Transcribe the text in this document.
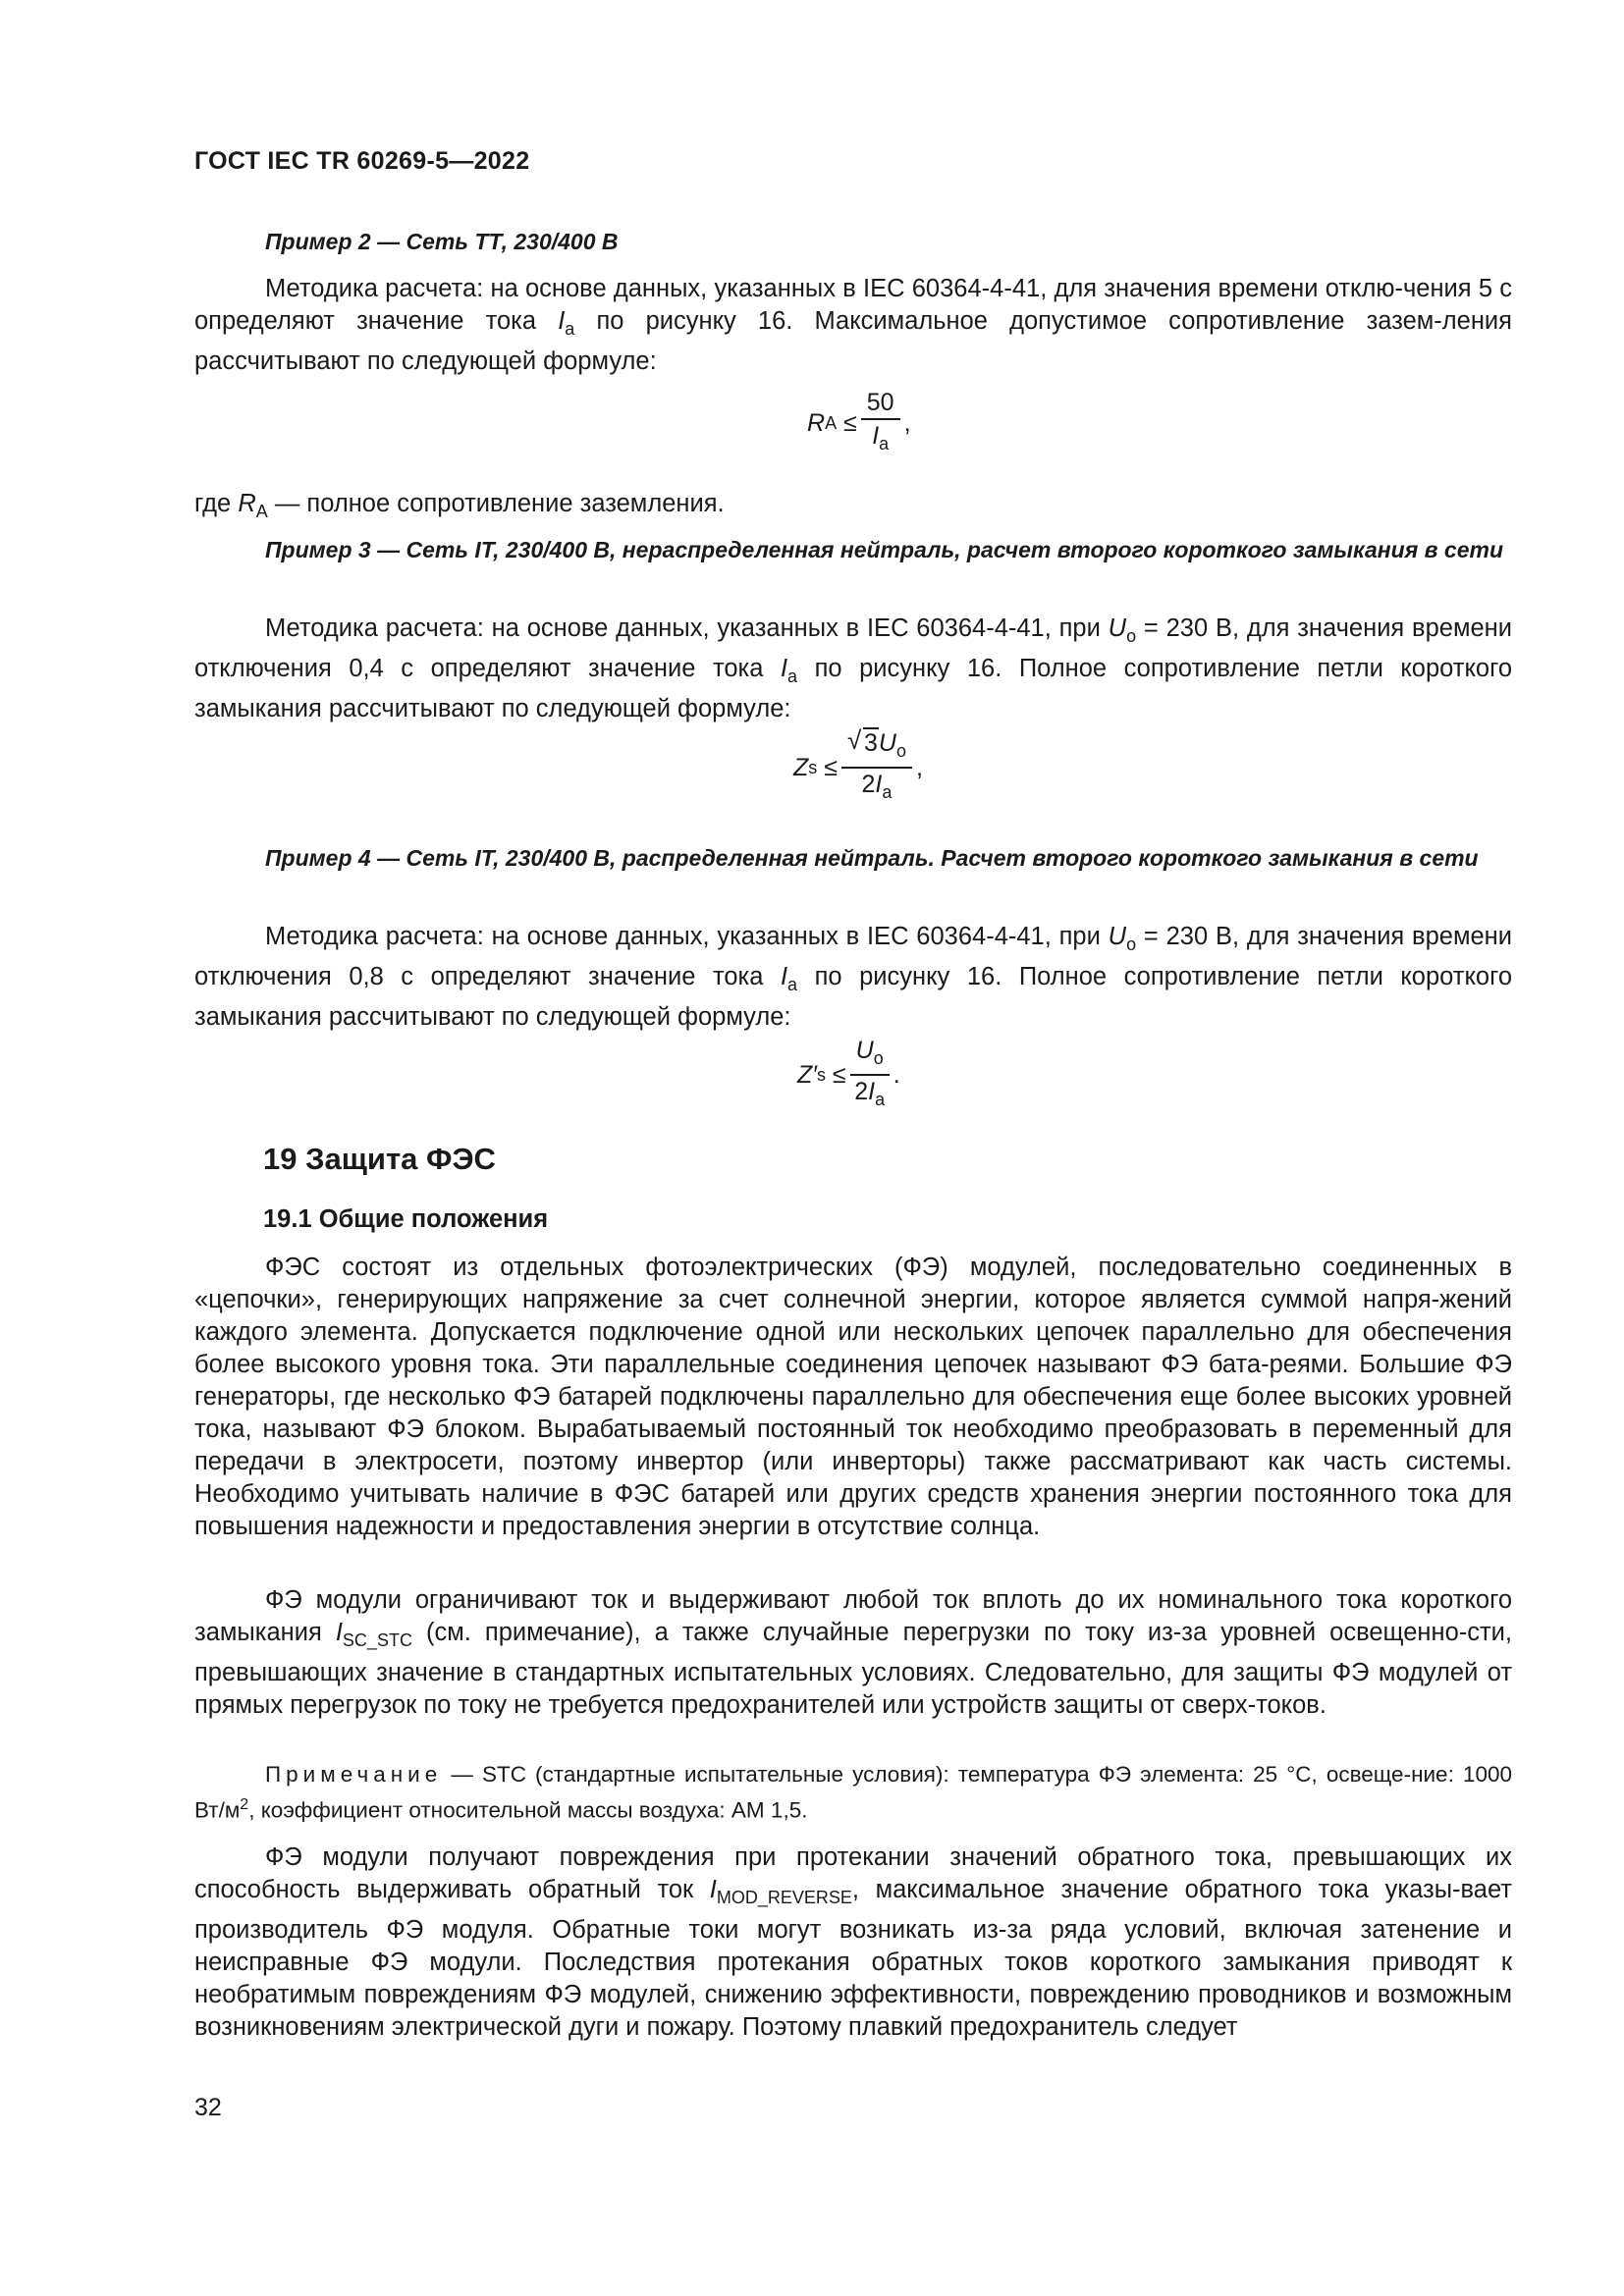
ГОСТ IEC TR 60269-5—2022

Пример 2 — Сеть ТТ, 230/400 В

Методика расчета: на основе данных, указанных в IEC 60364-4-41, для значения времени отклю-чения 5 с определяют значение тока $I_a$ по рисунку 16. Максимальное допустимое сопротивление зазем-ления рассчитывают по следующей формуле:

R A
≤ $\frac{50}{I_a}$ ,
где $R_A$ — полное сопротивление заземления.

Пример 3 — Сеть IT, 230/400 В, нераспределенная нейтраль, расчет второго короткого замыкания в сети

Методика расчета: на основе данных, указанных в IEC 60364-4-41, при $U_o = 230$ В, для значения времени отключения 0,4 с определяют значение тока $I_a$ по рисунку 16. Полное сопротивление петли короткого замыкания рассчитывают по следующей формуле:

Z s
≤
√ $\frac{3U_o}{2I_a}$ ,

Пример 4 — Сеть IT, 230/400 В, распределенная нейтраль. Расчет второго короткого замыкания в сети

Методика расчета: на основе данных, указанных в IEC 60364-4-41, при $U_o = 230$ В, для значения времени отключения 0,8 с определяют значение тока $I_a$ по рисунку 16. Полное сопротивление петли короткого замыкания рассчитывают по следующей формуле:

Z′ s
≤ $\frac{U_o}{2I_a}$ .
19 Защита ФЭС
19.1 Общие положения

ФЭС состоят из отдельных фотоэлектрических (ФЭ) модулей, последовательно соединенных в «цепочки», генерирующих напряжение за счет солнечной энергии, которое является суммой напря-жений каждого элемента. Допускается подключение одной или нескольких цепочек параллельно для обеспечения более высокого уровня тока. Эти параллельные соединения цепочек называют ФЭ бата-реями. Большие ФЭ генераторы, где несколько ФЭ батарей подключены параллельно для обеспечения еще более высоких уровней тока, называют ФЭ блоком. Вырабатываемый постоянный ток необходимо преобразовать в переменный для передачи в электросети, поэтому инвертор (или инверторы) также рассматривают как часть системы. Необходимо учитывать наличие в ФЭС батарей или других средств хранения энергии постоянного тока для повышения надежности и предоставления энергии в отсутствие солнца.

ФЭ модули ограничивают ток и выдерживают любой ток вплоть до их номинального тока короткого замыкания $I_{SC\_STC}$ (см. примечание), а также случайные перегрузки по току из-за уровней освещенно-сти, превышающих значение в стандартных испытательных условиях. Следовательно, для защиты ФЭ модулей от прямых перегрузок по току не требуется предохранителей или устройств защиты от сверх-токов.

Примечание — STC (стандартные испытательные условия): температура ФЭ элемента: 25 °С, освеще-ние: 1000 $Вт/м^2$, коэффициент относительной массы воздуха: АМ 1,5.

ФЭ модули получают повреждения при протекании значений обратного тока, превышающих их способность выдерживать обратный ток $I_{MOD\_REVERSE}$, максимальное значение обратного тока указы-вает производитель ФЭ модуля. Обратные токи могут возникать из-за ряда условий, включая затенение и неисправные ФЭ модули. Последствия протекания обратных токов короткого замыкания приводят к необратимым повреждениям ФЭ модулей, снижению эффективности, повреждению проводников и возможным возникновениям электрической дуги и пожару. Поэтому плавкий предохранитель следует

32
